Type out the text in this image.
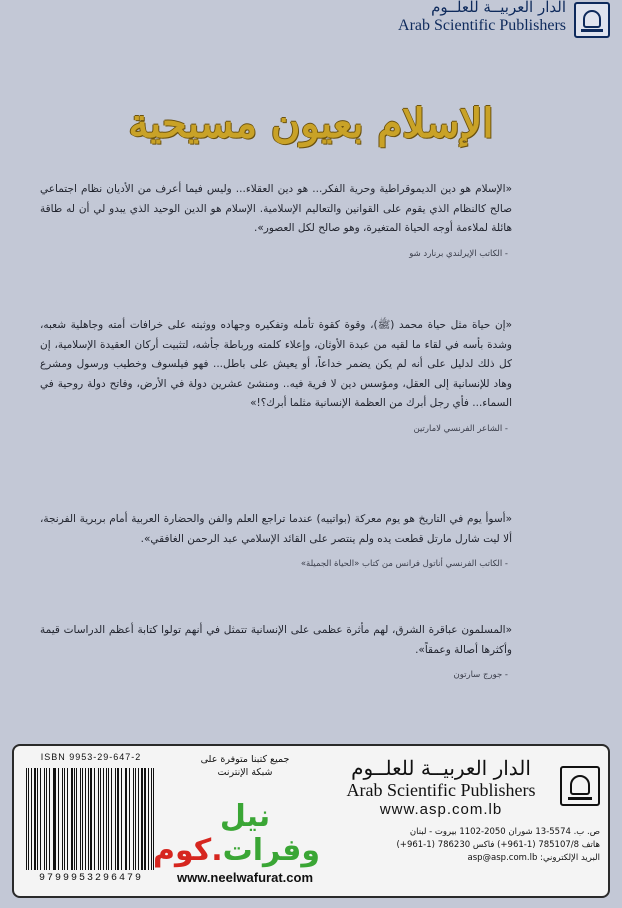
الدار العربيــة للعلــوم
Arab Scientific Publishers
الإسلام بعيون مسيحية
«الإسلام هو دين الديموقراطية وحرية الفكر... هو دين العقلاء... وليس فيما أعرف من الأديان نظام اجتماعي صالح كالنظام الذي يقوم على القوانين والتعاليم الإسلامية. الإسلام هو الدين الوحيد الذي يبدو لي أن له طاقة هائلة لملاءمة أوجه الحياة المتغيرة، وهو صالح لكل العصور».
- الكاتب الإيرلندي برنارد شو
«إن حياة مثل حياة محمد (ﷺ)، وقوة كقوة تأمله وتفكيره وجهاده ووثبته على خرافات أمته وجاهلية شعبه، وشدة بأسه في لقاء ما لقيه من عبدة الأوثان، وإعلاء كلمته ورباطة جأشه، لتثبيت أركان العقيدة الإسلامية، إن كل ذلك لدليل على أنه لم يكن يضمر خداعاً، أو يعيش على باطل... فهو فيلسوف وخطيب ورسول ومشرع وهاد للإنسانية إلى العقل، ومؤسس دين لا فرية فيه.. ومنشئ عشرين دولة في الأرض، وفاتح دولة روحية في السماء... فأي رجل أبرك من العظمة الإنسانية مثلما أبرك؟!»
- الشاعر الفرنسي لامارتين
«أسوأ يوم في التاريخ هو يوم معركة (بواتييه) عندما تراجع العلم والفن والحضارة العربية أمام بربرية الفرنجة، ألا ليت شارل مارتل قطعت يده ولم ينتصر على القائد الإسلامي عبد الرحمن الغافقي».
- الكاتب الفرنسي أناتول فرانس من كتاب «الحياة الجميلة»
«المسلمون عباقرة الشرق، لهم مأثرة عظمى على الإنسانية تتمثل في أنهم تولوا كتابة أعظم الدراسات قيمة وأكثرها أصالة وعمقاً».
- جورج سارتون
ISBN 9953-29-647-2
9799953296479
جميع كتبنا متوفرة على
شبكة الإنترنت
نيل وفرات.كوم
www.neelwafurat.com
الدار العربيــة للعلــوم
Arab Scientific Publishers
www.asp.com.lb
ص. ب. 5574-13 شوران 2050-1102 بيروت - لبنان
هاتف 785107/8 (1-961+) فاكس 786230 (1-961+)
البريد الإلكتروني: asp@asp.com.lb
